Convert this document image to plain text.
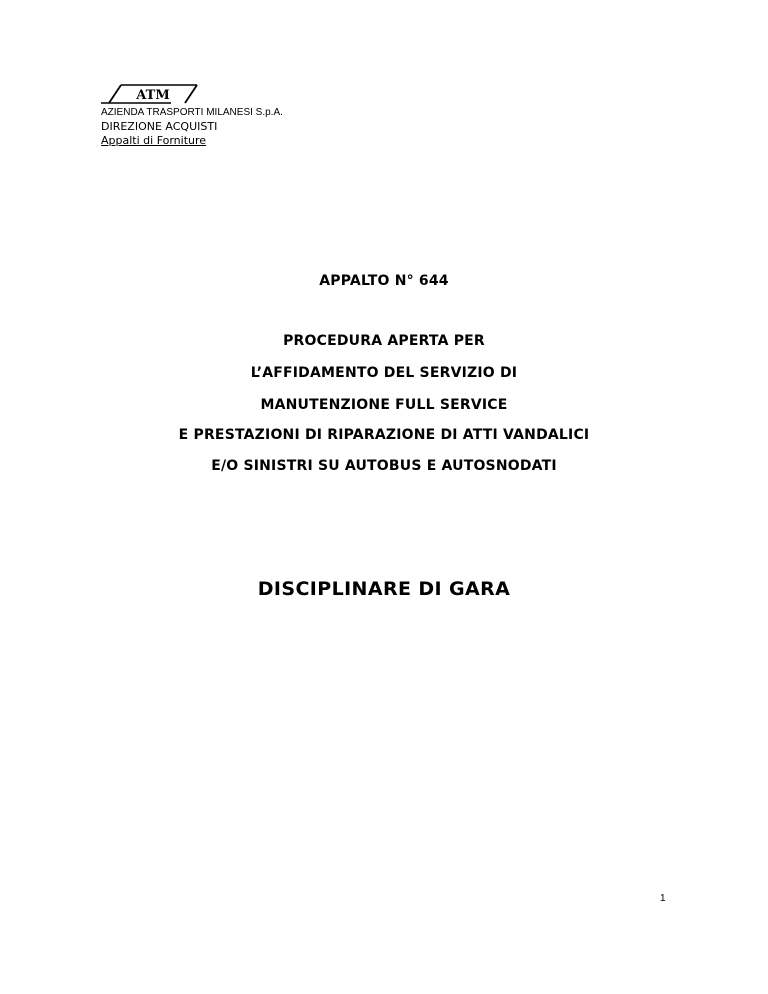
ATM
AZIENDA TRASPORTI MILANESI S.p.A.
DIREZIONE ACQUISTI
Appalti di Forniture
APPALTO N° 644
PROCEDURA APERTA PER
L’AFFIDAMENTO DEL SERVIZIO DI
MANUTENZIONE FULL SERVICE
E PRESTAZIONI DI RIPARAZIONE DI ATTI VANDALICI
E/O SINISTRI SU AUTOBUS E AUTOSNODATI
DISCIPLINARE DI GARA
1
